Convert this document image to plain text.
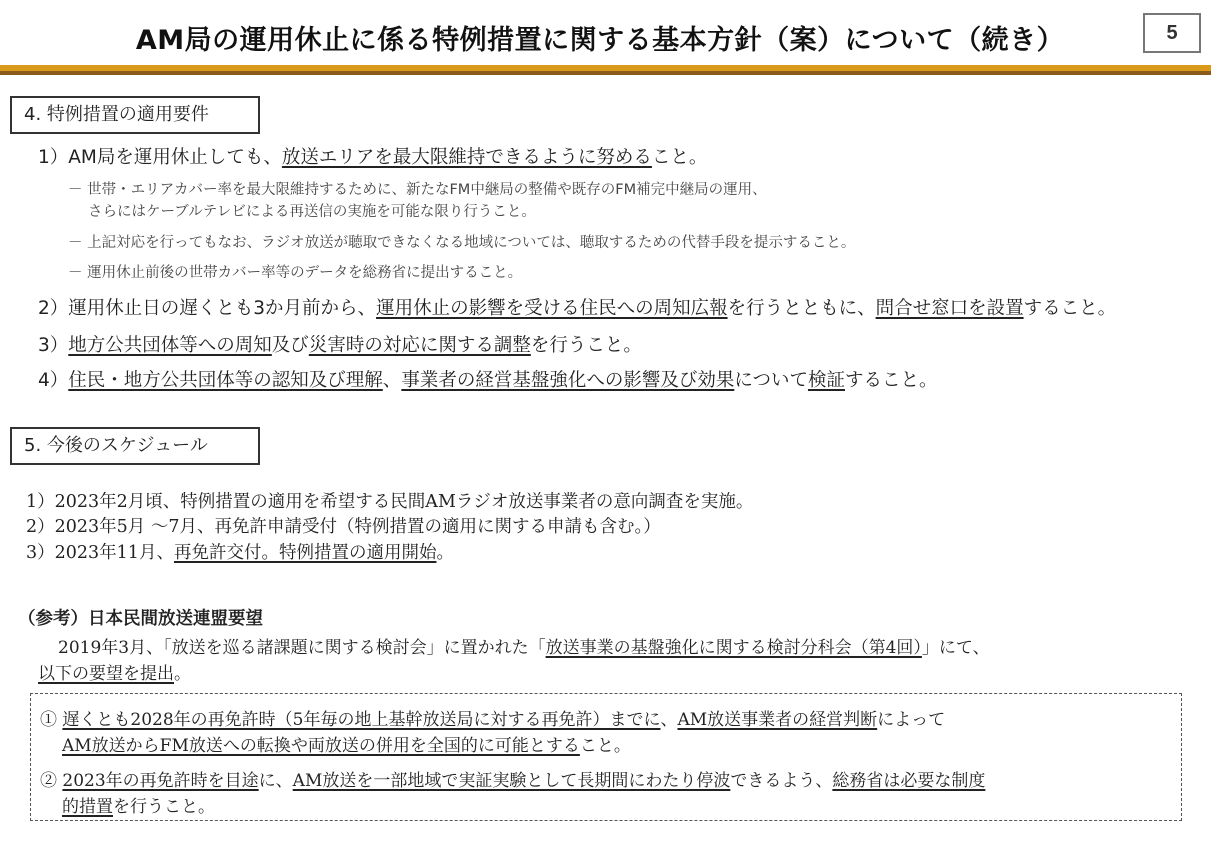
AM局の運用休止に係る特例措置に関する基本方針（案）について（続き）	5
4. 特例措置の適用要件
1）AM局を運用休止しても、放送エリアを最大限維持できるように努めること。
－ 世帯・エリアカバー率を最大限維持するために、新たなFM中継局の整備や既存のFM補完中継局の運用、
さらにはケーブルテレビによる再送信の実施を可能な限り行うこと。
－ 上記対応を行ってもなお、ラジオ放送が聴取できなくなる地域については、聴取するための代替手段を提示すること。
－ 運用休止前後の世帯カバー率等のデータを総務省に提出すること。
2）運用休止日の遅くとも3か月前から、運用休止の影響を受ける住民への周知広報を行うとともに、問合せ窓口を設置すること。
3）地方公共団体等への周知及び災害時の対応に関する調整を行うこと。
4）住民・地方公共団体等の認知及び理解、事業者の経営基盤強化への影響及び効果について検証すること。
5. 今後のスケジュール
1）2023年2月頃、特例措置の適用を希望する民間AMラジオ放送事業者の意向調査を実施。
2）2023年5月 ～7月、再免許申請受付（特例措置の適用に関する申請も含む。）
3）2023年11月、再免許交付。特例措置の適用開始。
（参考）日本民間放送連盟要望
2019年3月、「放送を巡る諸課題に関する検討会」に置かれた「放送事業の基盤強化に関する検討分科会（第4回）」にて、
以下の要望を提出。
① 遅くとも2028年の再免許時（5年毎の地上基幹放送局に対する再免許）までに、AM放送事業者の経営判断によって
AM放送からFM放送への転換や両放送の併用を全国的に可能とすること。
② 2023年の再免許時を目途に、AM放送を一部地域で実証実験として長期間にわたり停波できるよう、総務省は必要な制度
的措置を行うこと。
